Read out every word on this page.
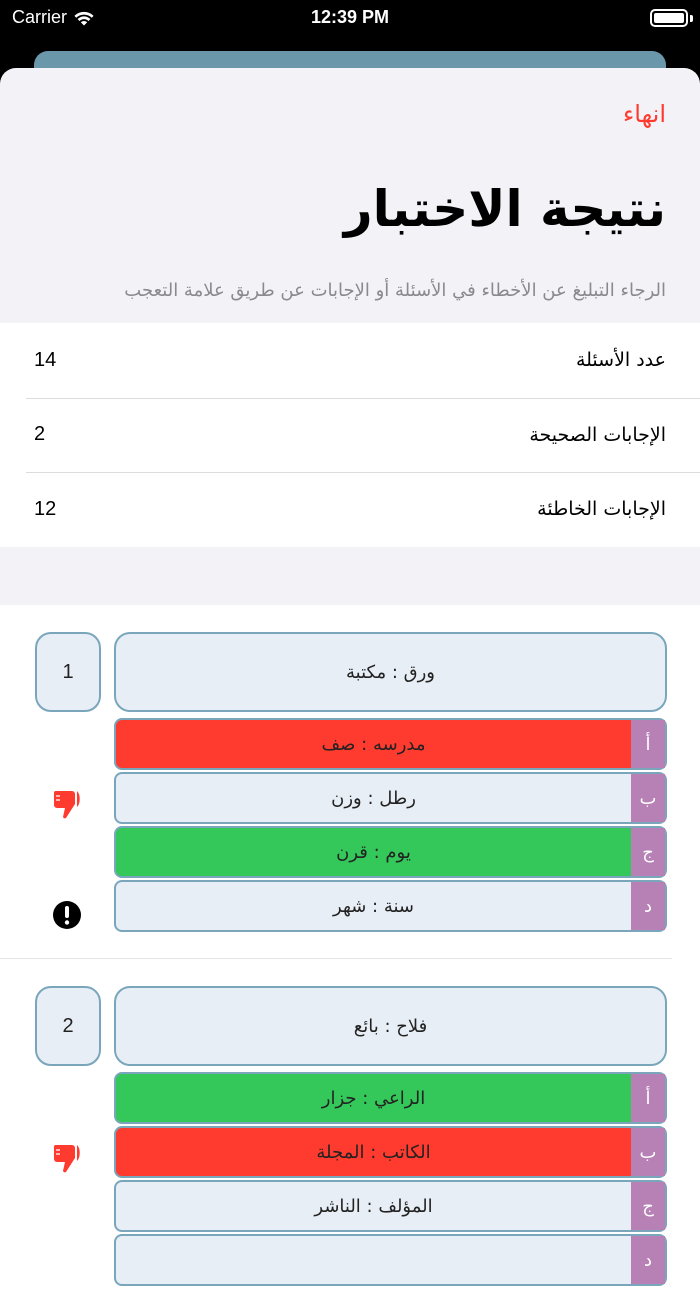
Carrier	12:39 PM
انهاء
نتيجة الاختبار
الرجاء التبليغ عن الأخطاء في الأسئلة أو الإجابات عن طريق علامة التعجب
عدد الأسئلة
14
الإجابات الصحيحة
2
الإجابات الخاطئة
12
1	ورق : مكتبة
أ
مدرسه : صف
ب
رطل : وزن
ج
يوم : قرن
د
سنة : شهر
2	فلاح : بائع
أ
الراعي : جزار
ب
الكاتب : المجلة
ج
المؤلف : الناشر
د
